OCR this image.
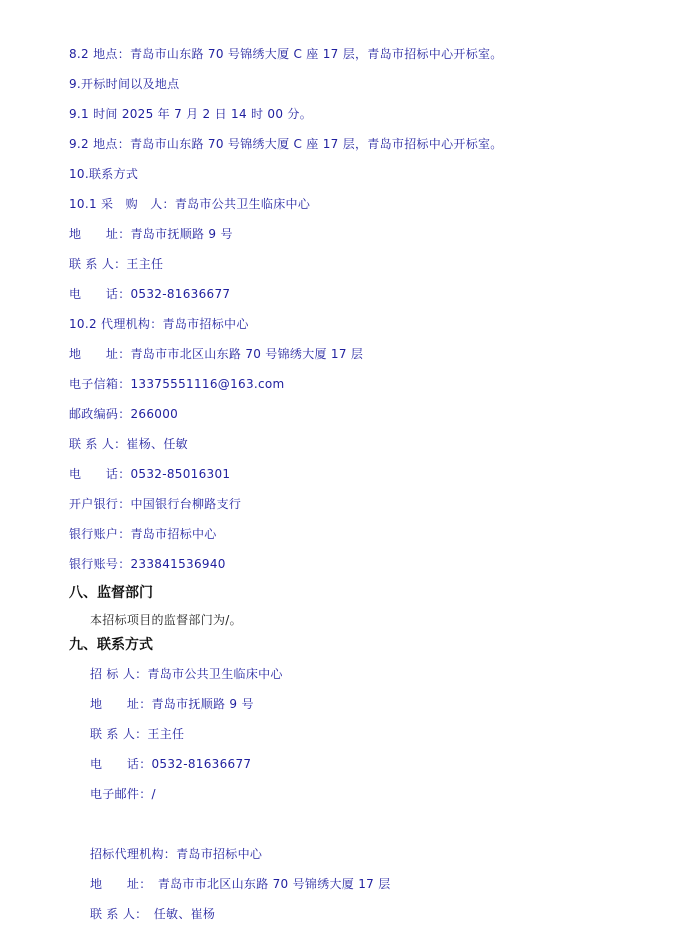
8.2 地点：青岛市山东路 70 号锦绣大厦 C 座 17 层，青岛市招标中心开标室。
9.开标时间以及地点
9.1 时间 2025 年 7 月 2 日 14 时 00 分。
9.2 地点：青岛市山东路 70 号锦绣大厦 C 座 17 层，青岛市招标中心开标室。
10.联系方式
10.1 采　购　人：青岛市公共卫生临床中心
地　　址：青岛市抚顺路 9 号
联 系 人：王主任
电　　话：0532-81636677
10.2 代理机构：青岛市招标中心
地　　址：青岛市市北区山东路 70 号锦绣大厦 17 层
电子信箱：13375551116@163.com
邮政编码：266000
联 系 人：崔杨、任敏
电　　话：0532-85016301
开户银行：中国银行台柳路支行
银行账户：青岛市招标中心
银行账号：233841536940
八、监督部门
本招标项目的监督部门为/。
九、联系方式
招 标 人：青岛市公共卫生临床中心
地　　址：青岛市抚顺路 9 号
联 系 人：王主任
电　　话：0532-81636677
电子邮件：/
招标代理机构：青岛市招标中心
地　　址：　青岛市市北区山东路 70 号锦绣大厦 17 层
联 系 人：　任敏、崔杨
